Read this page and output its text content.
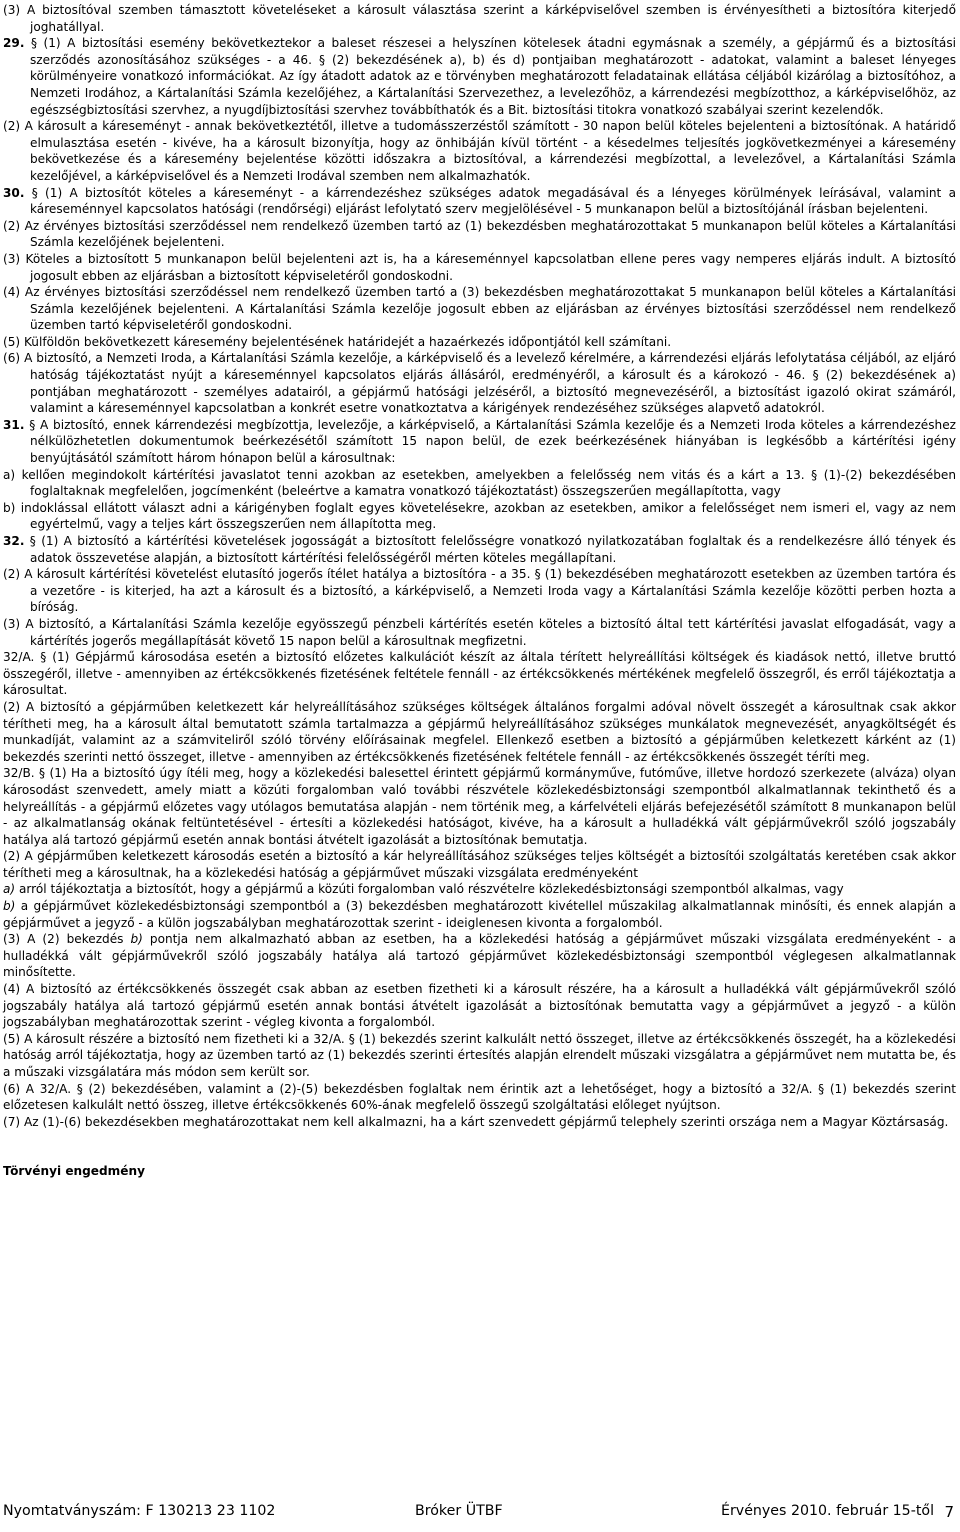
(3) A biztosítóval szemben támasztott követeléseket a károsult választása szerint a kárképviselővel szemben is érvényesítheti a biztosítóra kiterjedő joghatállyal.

29. § (1) A biztosítási esemény bekövetkeztekor a baleset részesei a helyszínen kötelesek átadni egymásnak a személy, a gépjármű és a biztosítási szerződés azonosításához szükséges - a 46. § (2) bekezdésének a), b) és d) pontjaiban meghatározott - adatokat, valamint a baleset lényeges körülményeire vonatkozó információkat. Az így átadott adatok az e törvényben meghatározott feladatainak ellátása céljából kizárólag a biztosítóhoz, a Nemzeti Irodához, a Kártalanítási Számla kezelőjéhez, a Kártalanítási Szervezethez, a levelezőhöz, a kárrendezési megbízotthoz, a kárképviselőhöz, az egészségbiztosítási szervhez, a nyugdíjbiztosítási szervhez továbbíthatók és a Bit. biztosítási titokra vonatkozó szabályai szerint kezelendők.

(2) A károsult a káreseményt - annak bekövetkeztétől, illetve a tudomásszerzéstől számított - 30 napon belül köteles bejelenteni a biztosítónak. A határidő elmulasztása esetén - kivéve, ha a károsult bizonyítja, hogy az önhibáján kívül történt - a késedelmes teljesítés jogkövetkezményei a káresemény bekövetkezése és a káresemény bejelentése közötti időszakra a biztosítóval, a kárrendezési megbízottal, a levelezővel, a Kártalanítási Számla kezelőjével, a kárképviselővel és a Nemzeti Irodával szemben nem alkalmazhatók.

30. § (1) A biztosítót köteles a káreseményt - a kárrendezéshez szükséges adatok megadásával és a lényeges körülmények leírásával, valamint a káreseménnyel kapcsolatos hatósági (rendőrségi) eljárást lefolytató szerv megjelölésével - 5 munkanapon belül a biztosítójánál írásban bejelenteni.

(2) Az érvényes biztosítási szerződéssel nem rendelkező üzemben tartó az (1) bekezdésben meghatározottakat 5 munkanapon belül köteles a Kártalanítási Számla kezelőjének bejelenteni.

(3) Köteles a biztosított 5 munkanapon belül bejelenteni azt is, ha a káreseménnyel kapcsolatban ellene peres vagy nemperes eljárás indult. A biztosító jogosult ebben az eljárásban a biztosított képviseletéről gondoskodni.

(4) Az érvényes biztosítási szerződéssel nem rendelkező üzemben tartó a (3) bekezdésben meghatározottakat 5 munkanapon belül köteles a Kártalanítási Számla kezelőjének bejelenteni. A Kártalanítási Számla kezelője jogosult ebben az eljárásban az érvényes biztosítási szerződéssel nem rendelkező üzemben tartó képviseletéről gondoskodni.

(5) Külföldön bekövetkezett káresemény bejelentésének határidejét a hazaérkezés időpontjától kell számítani.

(6) A biztosító, a Nemzeti Iroda, a Kártalanítási Számla kezelője, a kárképviselő és a levelező kérelmére, a kárrendezési eljárás lefolytatása céljából, az eljáró hatóság tájékoztatást nyújt a káreseménnyel kapcsolatos eljárás állásáról, eredményéről, a károsult és a károkozó - 46. § (2) bekezdésének a) pontjában meghatározott - személyes adatairól, a gépjármű hatósági jelzéséről, a biztosító megnevezéséről, a biztosítást igazoló okirat számáról, valamint a káreseménnyel kapcsolatban a konkrét esetre vonatkoztatva a kárigények rendezéséhez szükséges alapvető adatokról.

31. § A biztosító, ennek kárrendezési megbízottja, levelezője, a kárképviselő, a Kártalanítási Számla kezelője és a Nemzeti Iroda köteles a kárrendezéshez nélkülözhetetlen dokumentumok beérkezésétől számított 15 napon belül, de ezek beérkezésének hiányában is legkésőbb a kártérítési igény benyújtásától számított három hónapon belül a károsultnak:

a) kellően megindokolt kártérítési javaslatot tenni azokban az esetekben, amelyekben a felelősség nem vitás és a kárt a 13. § (1)-(2) bekezdésében foglaltaknak megfelelően, jogcímenként (beleértve a kamatra vonatkozó tájékoztatást) összegszerűen megállapította, vagy

b) indoklással ellátott választ adni a kárigényben foglalt egyes követelésekre, azokban az esetekben, amikor a felelősséget nem ismeri el, vagy az nem egyértelmű, vagy a teljes kárt összegszerűen nem állapította meg.

32. § (1) A biztosító a kártérítési követelések jogosságát a biztosított felelősségre vonatkozó nyilatkozatában foglaltak és a rendelkezésre álló tények és adatok összevetése alapján, a biztosított kártérítési felelősségéről mérten köteles megállapítani.

(2) A károsult kártérítési követelést elutasító jogerős ítélet hatálya a biztosítóra - a 35. § (1) bekezdésében meghatározott esetekben az üzemben tartóra és a vezetőre - is kiterjed, ha azt a károsult és a biztosító, a kárképviselő, a Nemzeti Iroda vagy a Kártalanítási Számla kezelője közötti perben hozta a bíróság.

(3) A biztosító, a Kártalanítási Számla kezelője egyösszegű pénzbeli kártérítés esetén köteles a biztosító által tett kártérítési javaslat elfogadását, vagy a kártérítés jogerős megállapítását követő 15 napon belül a károsultnak megfizetni.

32/A. § (1) Gépjármű károsodása esetén a biztosító előzetes kalkulációt készít az általa térített helyreállítási költségek és kiadások nettó, illetve bruttó összegéről, illetve - amennyiben az értékcsökkenés fizetésének feltétele fennáll - az értékcsökkenés mértékének megfelelő összegről, és erről tájékoztatja a károsultat.

(2) A biztosító a gépjárműben keletkezett kár helyreállításához szükséges költségek általános forgalmi adóval növelt összegét a károsultnak csak akkor térítheti meg, ha a károsult által bemutatott számla tartalmazza a gépjármű helyreállításához szükséges munkálatok megnevezését, anyagköltségét és munkadíját, valamint az a számviteliről szóló törvény előírásainak megfelel. Ellenkező esetben a biztosító a gépjárműben keletkezett kárként az (1) bekezdés szerinti nettó összeget, illetve - amennyiben az értékcsökkenés fizetésének feltétele fennáll - az értékcsökkenés összegét téríti meg.

32/B. § (1) Ha a biztosító úgy ítéli meg, hogy a közlekedési balesettel érintett gépjármű kormányműve, futóműve, illetve hordozó szerkezete (alváza) olyan károsodást szenvedett, amely miatt a közúti forgalomban való további részvétele közlekedésbiztonsági szempontból alkalmatlannak tekinthető és a helyreállítás - a gépjármű előzetes vagy utólagos bemutatása alapján - nem történik meg, a kárfelvételi eljárás befejezésétől számított 8 munkanapon belül - az alkalmatlanság okának feltüntetésével - értesíti a közlekedési hatóságot, kivéve, ha a károsult a hulladékká vált gépjárművekről szóló jogszabály hatálya alá tartozó gépjármű esetén annak bontási átvételt igazolását a biztosítónak bemutatja.

(2) A gépjárműben keletkezett károsodás esetén a biztosító a kár helyreállításához szükséges teljes költségét a biztosítói szolgáltatás keretében csak akkor térítheti meg a károsultnak, ha a közlekedési hatóság a gépjárművet műszaki vizsgálata eredményeként

a) arról tájékoztatja a biztosítót, hogy a gépjármű a közúti forgalomban való részvételre közlekedésbiztonsági szempontból alkalmas, vagy

b) a gépjárművet közlekedésbiztonsági szempontból a (3) bekezdésben meghatározott kivétellel műszakilag alkalmatlannak minősíti, és ennek alapján a gépjárművet a jegyző - a külön jogszabályban meghatározottak szerint - ideiglenesen kivonta a forgalomból.

(3) A (2) bekezdés b) pontja nem alkalmazható abban az esetben, ha a közlekedési hatóság a gépjárművet műszaki vizsgálata eredményeként - a hulladékká vált gépjárművekről szóló jogszabály hatálya alá tartozó gépjárművet közlekedésbiztonsági szempontból véglegesen alkalmatlannak minősítette.

(4) A biztosító az értékcsökkenés összegét csak abban az esetben fizetheti ki a károsult részére, ha a károsult a hulladékká vált gépjárművekről szóló jogszabály hatálya alá tartozó gépjármű esetén annak bontási átvételt igazolását a biztosítónak bemutatta vagy a gépjárművet a jegyző - a külön jogszabályban meghatározottak szerint - végleg kivonta a forgalomból.

(5) A károsult részére a biztosító nem fizetheti ki a 32/A. § (1) bekezdés szerint kalkulált nettó összeget, illetve az értékcsökkenés összegét, ha a közlekedési hatóság arról tájékoztatja, hogy az üzemben tartó az (1) bekezdés szerinti értesítés alapján elrendelt műszaki vizsgálatra a gépjárművet nem mutatta be, és a műszaki vizsgálatára más módon sem került sor.

(6) A 32/A. § (2) bekezdésében, valamint a (2)-(5) bekezdésben foglaltak nem érintik azt a lehetőséget, hogy a biztosító a 32/A. § (1) bekezdés szerint előzetesen kalkulált nettó összeg, illetve értékcsökkenés 60%-ának megfelelő összegű szolgáltatási előleget nyújtson.

(7) Az (1)-(6) bekezdésekben meghatározottakat nem kell alkalmazni, ha a kárt szenvedett gépjármű telephely szerinti országa nem a Magyar Köztársaság.

Törvényi engedmény

Nyomtatványszám: F 130213 23 1102	Bróker ÜTBF	Érvényes 2010. február 15-től 7
